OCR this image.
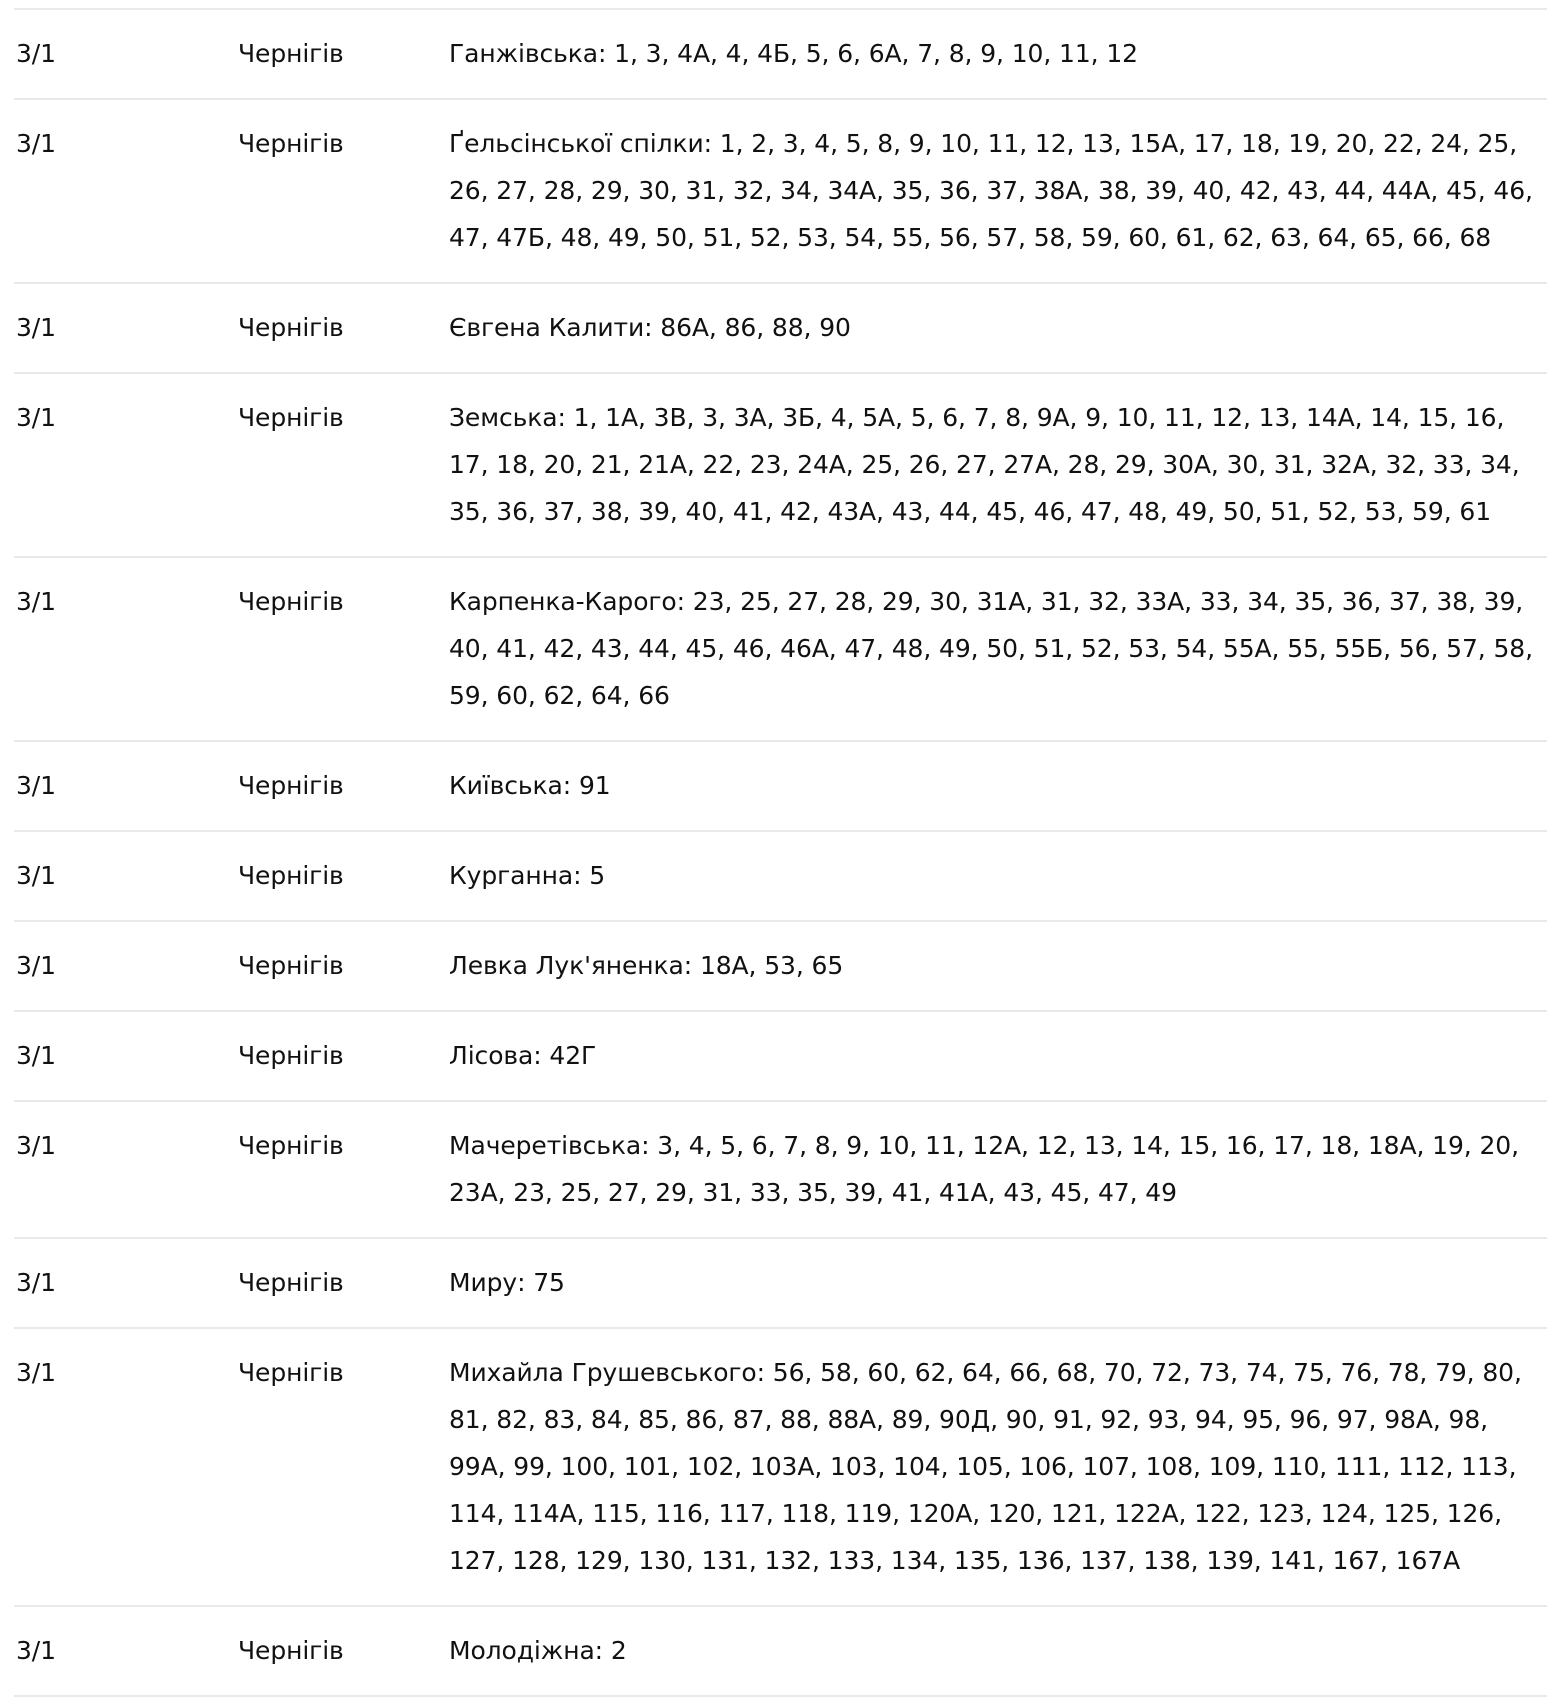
3/1	Чернігів	Ганжівська: 1, 3, 4А, 4, 4Б, 5, 6, 6А, 7, 8, 9, 10, 11, 12
3/1	Чернігів	Ґельсінської спілки: 1, 2, 3, 4, 5, 8, 9, 10, 11, 12, 13, 15А, 17, 18, 19, 20, 22, 24, 25, 26, 27, 28, 29, 30, 31, 32, 34, 34А, 35, 36, 37, 38А, 38, 39, 40, 42, 43, 44, 44А, 45, 46, 47, 47Б, 48, 49, 50, 51, 52, 53, 54, 55, 56, 57, 58, 59, 60, 61, 62, 63, 64, 65, 66, 68
3/1	Чернігів	Євгена Калити: 86А, 86, 88, 90
3/1	Чернігів	Земська: 1, 1А, 3В, 3, 3А, 3Б, 4, 5А, 5, 6, 7, 8, 9А, 9, 10, 11, 12, 13, 14А, 14, 15, 16, 17, 18, 20, 21, 21А, 22, 23, 24А, 25, 26, 27, 27А, 28, 29, 30А, 30, 31, 32А, 32, 33, 34, 35, 36, 37, 38, 39, 40, 41, 42, 43А, 43, 44, 45, 46, 47, 48, 49, 50, 51, 52, 53, 59, 61
3/1	Чернігів	Карпенка-Карого: 23, 25, 27, 28, 29, 30, 31А, 31, 32, 33А, 33, 34, 35, 36, 37, 38, 39, 40, 41, 42, 43, 44, 45, 46, 46А, 47, 48, 49, 50, 51, 52, 53, 54, 55А, 55, 55Б, 56, 57, 58, 59, 60, 62, 64, 66
3/1	Чернігів	Київська: 91
3/1	Чернігів	Курганна: 5
3/1	Чернігів	Левка Лук'яненка: 18А, 53, 65
3/1	Чернігів	Лісова: 42Г
3/1	Чернігів	Мачеретівська: 3, 4, 5, 6, 7, 8, 9, 10, 11, 12А, 12, 13, 14, 15, 16, 17, 18, 18А, 19, 20, 23А, 23, 25, 27, 29, 31, 33, 35, 39, 41, 41А, 43, 45, 47, 49
3/1	Чернігів	Миру: 75
3/1	Чернігів	Михайла Грушевського: 56, 58, 60, 62, 64, 66, 68, 70, 72, 73, 74, 75, 76, 78, 79, 80, 81, 82, 83, 84, 85, 86, 87, 88, 88А, 89, 90Д, 90, 91, 92, 93, 94, 95, 96, 97, 98А, 98, 99А, 99, 100, 101, 102, 103А, 103, 104, 105, 106, 107, 108, 109, 110, 111, 112, 113, 114, 114А, 115, 116, 117, 118, 119, 120А, 120, 121, 122А, 122, 123, 124, 125, 126, 127, 128, 129, 130, 131, 132, 133, 134, 135, 136, 137, 138, 139, 141, 167, 167А
3/1	Чернігів	Молодіжна: 2
